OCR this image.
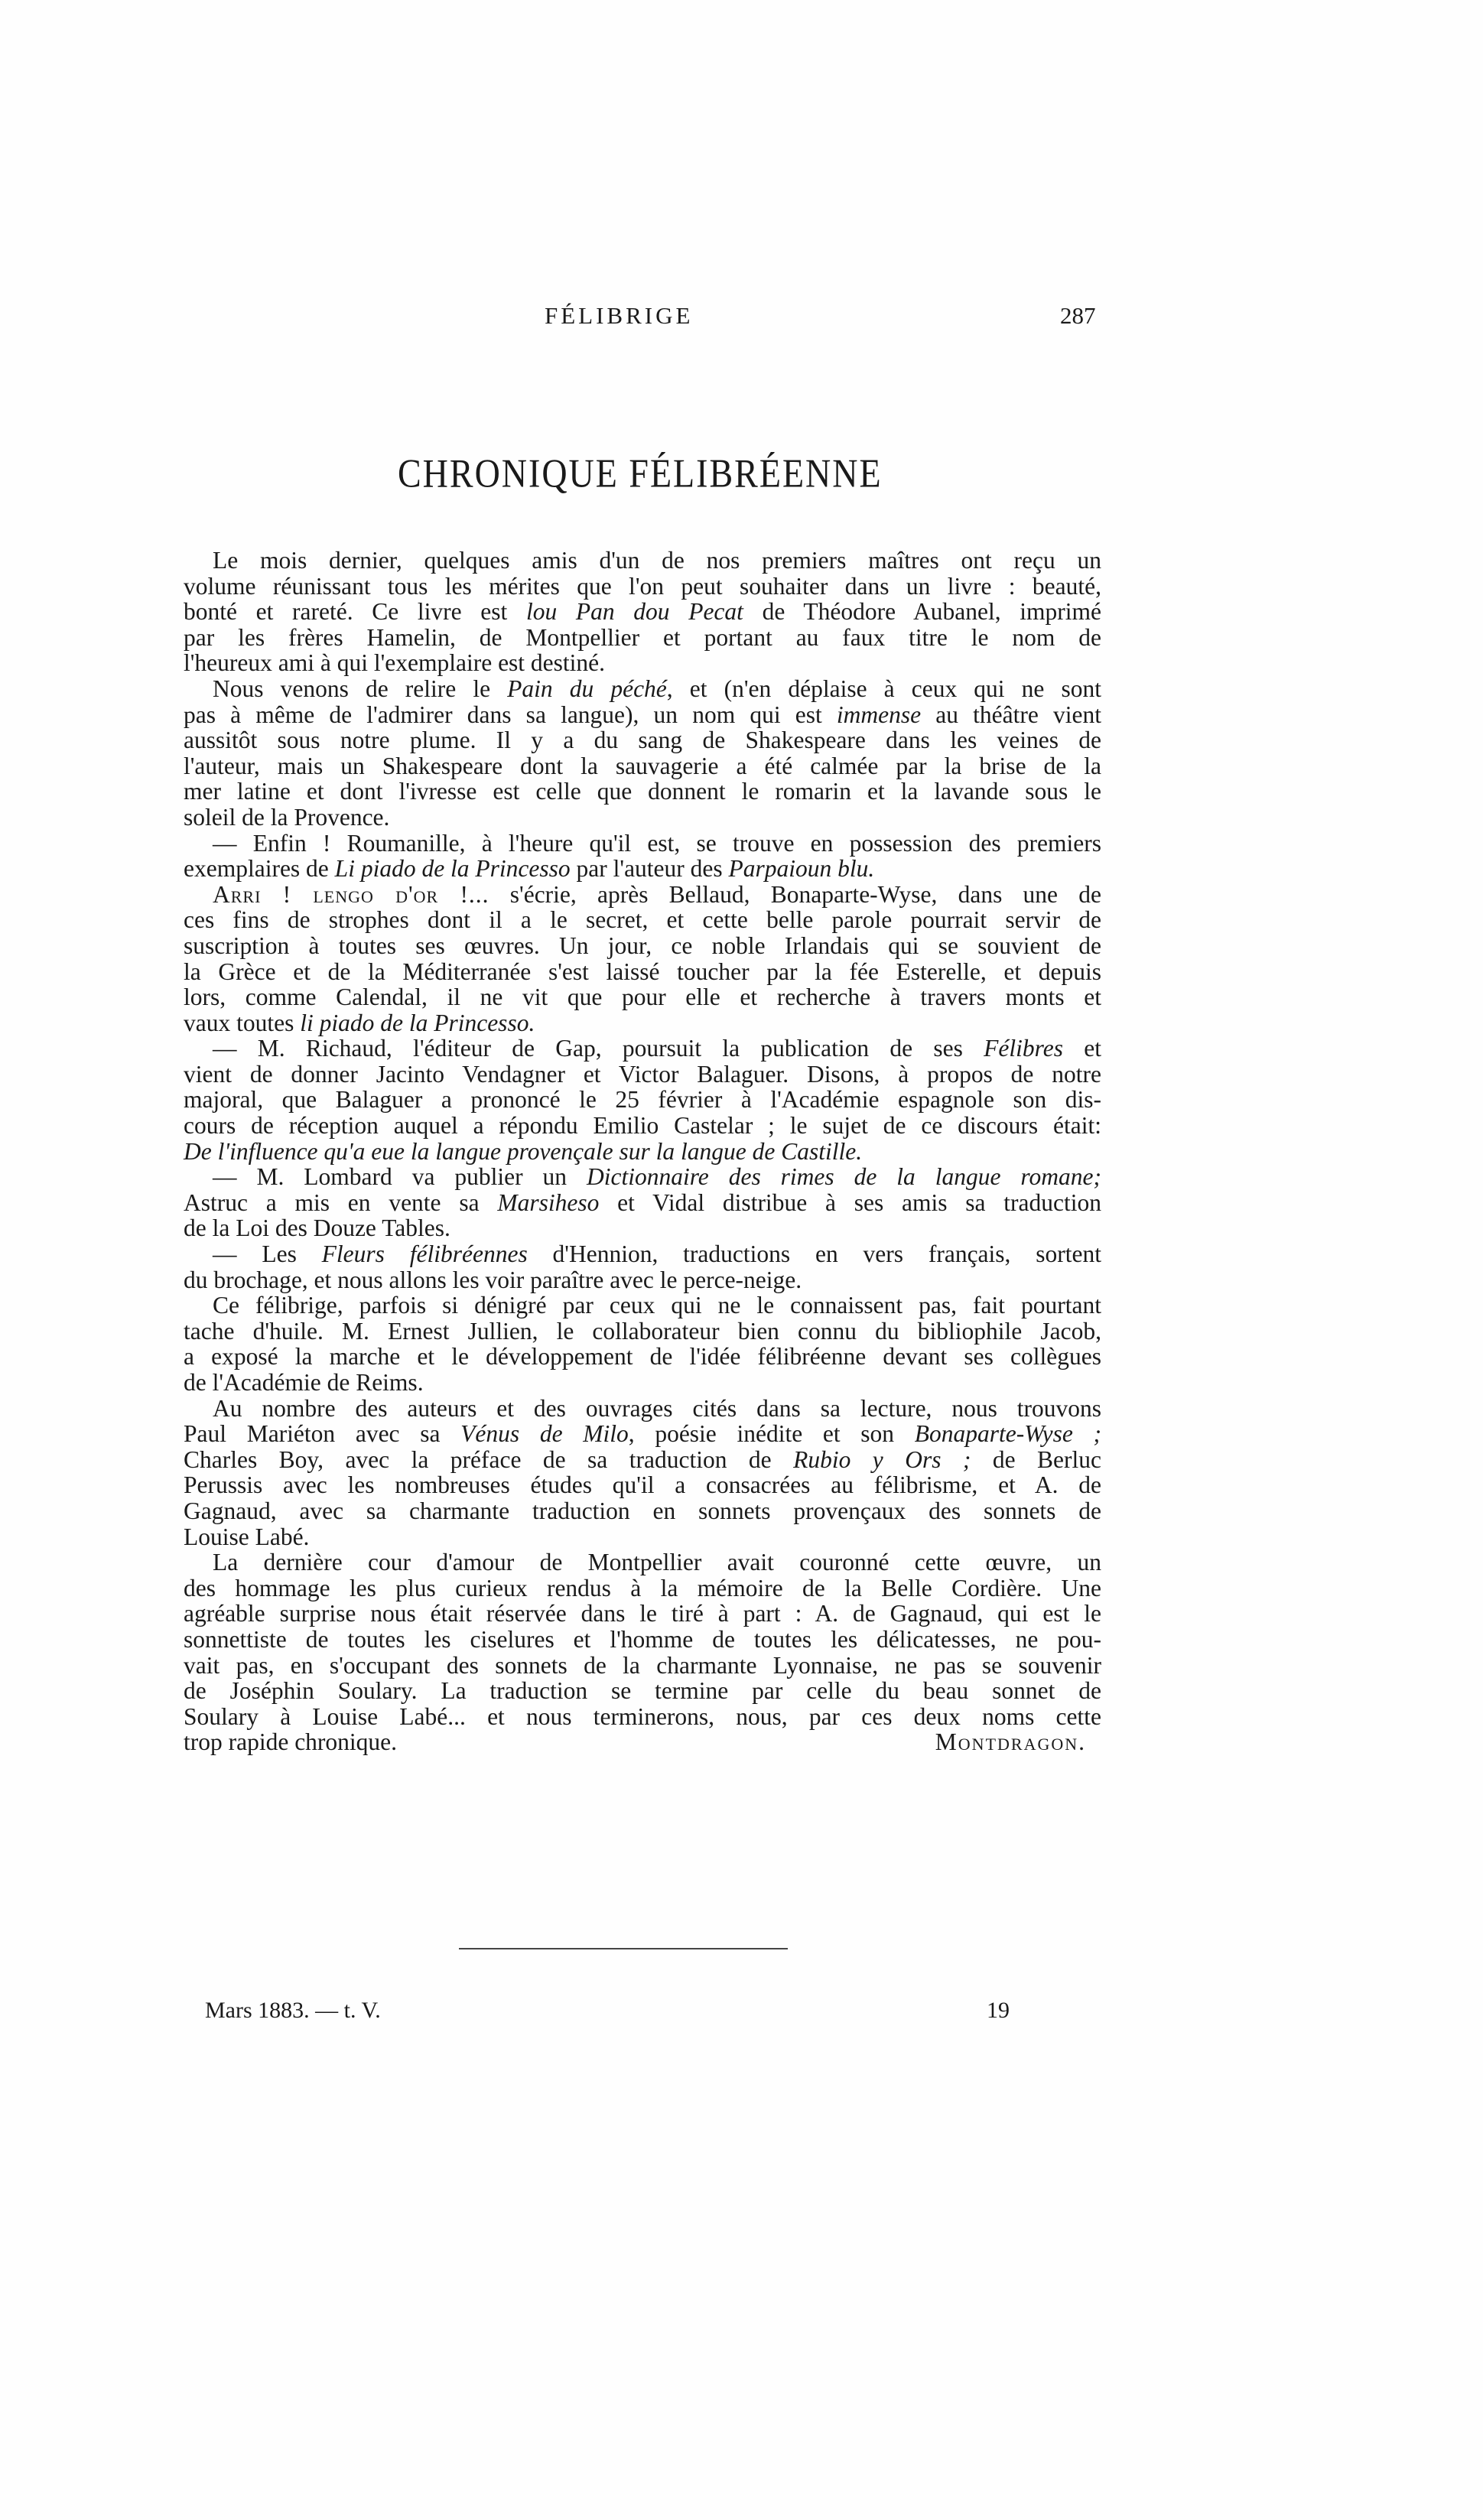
FÉLIBRIGE	287
CHRONIQUE FÉLIBRÉENNE
Le mois dernier, quelques amis d'un de nos premiers maîtres ont reçu un
volume réunissant tous les mérites que l'on peut souhaiter dans un livre : beauté,
bonté et rareté. Ce livre est lou Pan dou Pecat de Théodore Aubanel, imprimé
par les frères Hamelin, de Montpellier et portant au faux titre le nom de
l'heureux ami à qui l'exemplaire est destiné.
Nous venons de relire le Pain du péché, et (n'en déplaise à ceux qui ne sont
pas à même de l'admirer dans sa langue), un nom qui est immense au théâtre vient
aussitôt sous notre plume. Il y a du sang de Shakespeare dans les veines de
l'auteur, mais un Shakespeare dont la sauvagerie a été calmée par la brise de la
mer latine et dont l'ivresse est celle que donnent le romarin et la lavande sous le
soleil de la Provence.
— Enfin ! Roumanille, à l'heure qu'il est, se trouve en possession des premiers
exemplaires de Li piado de la Princesso par l'auteur des Parpaioun blu.
Arri ! lengo d'or !... s'écrie, après Bellaud, Bonaparte-Wyse, dans une de
ces fins de strophes dont il a le secret, et cette belle parole pourrait servir de
suscription à toutes ses œuvres. Un jour, ce noble Irlandais qui se souvient de
la Grèce et de la Méditerranée s'est laissé toucher par la fée Esterelle, et depuis
lors, comme Calendal, il ne vit que pour elle et recherche à travers monts et
vaux toutes li piado de la Princesso.
— M. Richaud, l'éditeur de Gap, poursuit la publication de ses Félibres et
vient de donner Jacinto Vendagner et Victor Balaguer. Disons, à propos de notre
majoral, que Balaguer a prononcé le 25 février à l'Académie espagnole son dis-
cours de réception auquel a répondu Emilio Castelar ; le sujet de ce discours était:
De l'influence qu'a eue la langue provençale sur la langue de Castille.
— M. Lombard va publier un Dictionnaire des rimes de la langue romane;
Astruc a mis en vente sa Marsiheso et Vidal distribue à ses amis sa traduction
de la Loi des Douze Tables.
— Les Fleurs félibréennes d'Hennion, traductions en vers français, sortent
du brochage, et nous allons les voir paraître avec le perce-neige.
Ce félibrige, parfois si dénigré par ceux qui ne le connaissent pas, fait pourtant
tache d'huile. M. Ernest Jullien, le collaborateur bien connu du bibliophile Jacob,
a exposé la marche et le développement de l'idée félibréenne devant ses collègues
de l'Académie de Reims.
Au nombre des auteurs et des ouvrages cités dans sa lecture, nous trouvons
Paul Mariéton avec sa Vénus de Milo, poésie inédite et son Bonaparte-Wyse ;
Charles Boy, avec la préface de sa traduction de Rubio y Ors ; de Berluc
Perussis avec les nombreuses études qu'il a consacrées au félibrisme, et A. de
Gagnaud, avec sa charmante traduction en sonnets provençaux des sonnets de
Louise Labé.
La dernière cour d'amour de Montpellier avait couronné cette œuvre, un
des hommage les plus curieux rendus à la mémoire de la Belle Cordière. Une
agréable surprise nous était réservée dans le tiré à part : A. de Gagnaud, qui est le
sonnettiste de toutes les ciselures et l'homme de toutes les délicatesses, ne pou-
vait pas, en s'occupant des sonnets de la charmante Lyonnaise, ne pas se souvenir
de Joséphin Soulary. La traduction se termine par celle du beau sonnet de
Soulary à Louise Labé... et nous terminerons, nous, par ces deux noms cette
trop rapide chronique.	Montdragon.
Mars 1883. — t. V.	19
